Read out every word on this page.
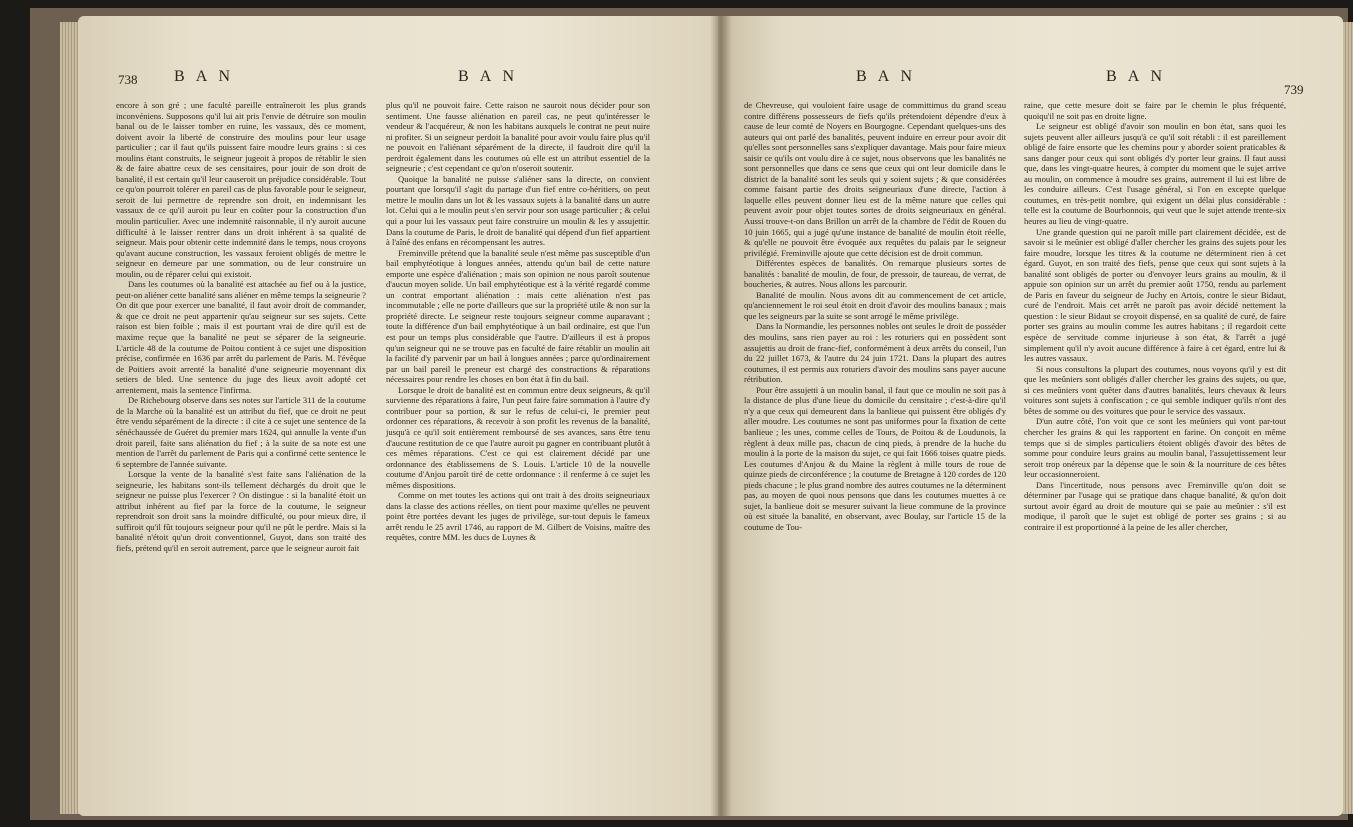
738 B A N	B A N

encore à son gré ; une faculté pareille entraîneroit les plus grands inconvéniens. Supposons qu'il lui ait pris l'envie de détruire son moulin banal ou de le laisser tomber en ruine, les vassaux, dès ce moment, doivent avoir la liberté de construire des moulins pour leur usage particulier ; car il faut qu'ils puissent faire moudre leurs grains : si ces moulins étant construits, le seigneur jugeoit à propos de rétablir le sien & de faire abattre ceux de ses censitaires, pour jouir de son droit de banalité, il est certain qu'il leur causeroit un préjudice considérable. Tout ce qu'on pourroit tolérer en pareil cas de plus favorable pour le seigneur, seroit de lui permettre de reprendre son droit, en indemnisant les vassaux de ce qu'il auroit pu leur en coûter pour la construction d'un moulin particulier. Avec une indemnité raisonnable, il n'y auroit aucune difficulté à le laisser rentrer dans un droit inhérent à sa qualité de seigneur. Mais pour obtenir cette indemnité dans le temps, nous croyons qu'avant aucune construction, les vassaux feroient obligés de mettre le seigneur en demeure par une sommation, ou de leur construire un moulin, ou de réparer celui qui existoit.

Dans les coutumes où la banalité est attachée au fief ou à la justice, peut-on aliéner cette banalité sans aliéner en même temps la seigneurie ? On dit que pour exercer une banalité, il faut avoir droit de commander, & que ce droit ne peut appartenir qu'au seigneur sur ses sujets. Cette raison est bien foible ; mais il est pourtant vrai de dire qu'il est de maxime reçue que la banalité ne peut se séparer de la seigneurie. L'article 48 de la coutume de Poitou contient à ce sujet une disposition précise, confirmée en 1636 par arrêt du parlement de Paris. M. l'évêque de Poitiers avoit arrenté la banalité d'une seigneurie moyennant dix setiers de bled. Une sentence du juge des lieux avoit adopté cet arrentement, mais la sentence l'infirma.

De Richebourg observe dans ses notes sur l'article 311 de la coutume de la Marche où la banalité est un attribut du fief, que ce droit ne peut être vendu séparément de la directe : il cite à ce sujet une sentence de la sénéchaussée de Guéret du premier mars 1624, qui annulle la vente d'un droit pareil, faite sans aliénation du fief ; à la suite de sa note est une mention de l'arrêt du parlement de Paris qui a confirmé cette sentence le 6 septembre de l'année suivante.

Lorsque la vente de la banalité s'est faite sans l'aliénation de la seigneurie, les habitans sont-ils tellement déchargés du droit que le seigneur ne puisse plus l'exercer ? On distingue : si la banalité étoit un attribut inhérent au fief par la force de la coutume, le seigneur reprendroit son droit sans la moindre difficulté, ou pour mieux dire, il suffiroit qu'il fût toujours seigneur pour qu'il ne pût le perdre. Mais si la banalité n'étoit qu'un droit conventionnel, Guyot, dans son traité des fiefs, prétend qu'il en seroit autrement, parce que le seigneur auroit fait

plus qu'il ne pouvoit faire. Cette raison ne sauroit nous décider pour son sentiment. Une fausse aliénation en pareil cas, ne peut qu'intéresser le vendeur & l'acquéreur, & non les habitans auxquels le contrat ne peut nuire ni profiter. Si un seigneur perdoit la banalité pour avoir voulu faire plus qu'il ne pouvoit en l'aliénant séparément de la directe, il faudroit dire qu'il la perdroit également dans les coutumes où elle est un attribut essentiel de la seigneurie ; c'est cependant ce qu'on n'oseroit soutenir.

Quoique la banalité ne puisse s'aliéner sans la directe, on convient pourtant que lorsqu'il s'agit du partage d'un fief entre co-héritiers, on peut mettre le moulin dans un lot & les vassaux sujets à la banalité dans un autre lot. Celui qui a le moulin peut s'en servir pour son usage particulier ; & celui qui a pour lui les vassaux peut faire construire un moulin & les y assujettir. Dans la coutume de Paris, le droit de banalité qui dépend d'un fief appartient à l'aîné des enfans en récompensant les autres.

Freminville prétend que la banalité seule n'est même pas susceptible d'un bail emphytéotique à longues années, attendu qu'un bail de cette nature emporte une espèce d'aliénation ; mais son opinion ne nous paroît soutenue d'aucun moyen solide. Un bail emphytéotique est à la vérité regardé comme un contrat emportant aliénation : mais cette aliénation n'est pas incommutable ; elle ne porte d'ailleurs que sur la propriété utile & non sur la propriété directe. Le seigneur reste toujours seigneur comme auparavant ; toute la différence d'un bail emphytéotique à un bail ordinaire, est que l'un est pour un temps plus considérable que l'autre. D'ailleurs il est à propos qu'un seigneur qui ne se trouve pas en faculté de faire rétablir un moulin ait la facilité d'y parvenir par un bail à longues années ; parce qu'ordinairement par un bail pareil le preneur est chargé des constructions & réparations nécessaires pour rendre les choses en bon état à fin du bail.

Lorsque le droit de banalité est en commun entre deux seigneurs, & qu'il survienne des réparations à faire, l'un peut faire faire sommation à l'autre d'y contribuer pour sa portion, & sur le refus de celui-ci, le premier peut ordonner ces réparations, & recevoir à son profit les revenus de la banalité, jusqu'à ce qu'il soit entièrement remboursé de ses avances, sans être tenu d'aucune restitution de ce que l'autre auroit pu gagner en contribuant plutôt à ces mêmes réparations. C'est ce qui est clairement décidé par une ordonnance des établissemens de S. Louis. L'article 10 de la nouvelle coutume d'Anjou paroît tiré de cette ordonnance : il renferme à ce sujet les mêmes dispositions.

Comme on met toutes les actions qui ont trait à des droits seigneuriaux dans la classe des actions réelles, on tient pour maxime qu'elles ne peuvent point être portées devant les juges de privilège, sur-tout depuis le fameux arrêt rendu le 25 avril 1746, au rapport de M. Gilbert de Voisins, maître des requêtes, contre MM. les ducs de Luynes &

B A N	B A N
739

de Chevreuse, qui vouloient faire usage de committimus du grand sceau contre différens possesseurs de fiefs qu'ils prétendoient dépendre d'eux à cause de leur comté de Noyers en Bourgogne. Cependant quelques-uns des auteurs qui ont parlé des banalités, peuvent induire en erreur pour avoir dit qu'elles sont personnelles sans s'expliquer davantage. Mais pour faire mieux saisir ce qu'ils ont voulu dire à ce sujet, nous observons que les banalités ne sont personnelles que dans ce sens que ceux qui ont leur domicile dans le district de la banalité sont les seuls qui y soient sujets ; & que considérées comme faisant partie des droits seigneuriaux d'une directe, l'action à laquelle elles peuvent donner lieu est de la même nature que celles qui peuvent avoir pour objet toutes sortes de droits seigneuriaux en général. Aussi trouve-t-on dans Brillon un arrêt de la chambre de l'édit de Rouen du 10 juin 1665, qui a jugé qu'une instance de banalité de moulin étoit réelle, & qu'elle ne pouvoit être évoquée aux requêtes du palais par le seigneur privilégié. Freminville ajoute que cette décision est de droit commun.

Différentes espèces de banalités. On remarque plusieurs sortes de banalités : banalité de moulin, de four, de pressoir, de taureau, de verrat, de boucheries, & autres. Nous allons les parcourir.

Banalité de moulin. Nous avons dit au commencement de cet article, qu'anciennement le roi seul étoit en droit d'avoir des moulins banaux ; mais que les seigneurs par la suite se sont arrogé le même privilège.

Dans la Normandie, les personnes nobles ont seules le droit de posséder des moulins, sans rien payer au roi : les roturiers qui en possèdent sont assujettis au droit de franc-fief, conformément à deux arrêts du conseil, l'un du 22 juillet 1673, & l'autre du 24 juin 1721. Dans la plupart des autres coutumes, il est permis aux roturiers d'avoir des moulins sans payer aucune rétribution.

Pour être assujetti à un moulin banal, il faut que ce moulin ne soit pas à la distance de plus d'une lieue du domicile du censitaire ; c'est-à-dire qu'il n'y a que ceux qui demeurent dans la banlieue qui puissent être obligés d'y aller moudre. Les coutumes ne sont pas uniformes pour la fixation de cette banlieue ; les unes, comme celles de Tours, de Poitou & de Loudunois, la règlent à deux mille pas, chacun de cinq pieds, à prendre de la huche du moulin à la porte de la maison du sujet, ce qui fait 1666 toises quatre pieds. Les coutumes d'Anjou & du Maine la règlent à mille tours de roue de quinze pieds de circonférence ; la coutume de Bretagne à 120 cordes de 120 pieds chacune ; le plus grand nombre des autres coutumes ne la déterminent pas, au moyen de quoi nous pensons que dans les coutumes muettes à ce sujet, la banlieue doit se mesurer suivant la lieue commune de la province où est située la banalité, en observant, avec Boulay, sur l'article 15 de la coutume de Tou-

raine, que cette mesure doit se faire par le chemin le plus fréquenté, quoiqu'il ne soit pas en droite ligne.

Le seigneur est obligé d'avoir son moulin en bon état, sans quoi les sujets peuvent aller ailleurs jusqu'à ce qu'il soit rétabli : il est pareillement obligé de faire ensorte que les chemins pour y aborder soient praticables & sans danger pour ceux qui sont obligés d'y porter leur grains. Il faut aussi que, dans les vingt-quatre heures, à compter du moment que le sujet arrive au moulin, on commence à moudre ses grains, autrement il lui est libre de les conduire ailleurs. C'est l'usage général, si l'on en excepte quelque coutumes, en très-petit nombre, qui exigent un délai plus considérable : telle est la coutume de Bourbonnois, qui veut que le sujet attende trente-six heures au lieu de vingt-quatre.

Une grande question qui ne paroît mille part clairement décidée, est de savoir si le meûnier est obligé d'aller chercher les grains des sujets pour les faire moudre, lorsque les titres & la coutume ne déterminent rien à cet égard. Guyot, en son traité des fiefs, pense que ceux qui sont sujets à la banalité sont obligés de porter ou d'envoyer leurs grains au moulin, & il appuie son opinion sur un arrêt du premier août 1750, rendu au parlement de Paris en faveur du seigneur de Juchy en Artois, contre le sieur Bidaut, curé de l'endroit. Mais cet arrêt ne paroît pas avoir décidé nettement la question : le sieur Bidaut se croyoit dispensé, en sa qualité de curé, de faire porter ses grains au moulin comme les autres habitans ; il regardoit cette espèce de servitude comme injurieuse à son état, & l'arrêt a jugé simplement qu'il n'y avoit aucune différence à faire à cet égard, entre lui & les autres vassaux.

Si nous consultons la plupart des coutumes, nous voyons qu'il y est dit que les meûniers sont obligés d'aller chercher les grains des sujets, ou que, si ces meûniers vont quêter dans d'autres banalités, leurs chevaux & leurs voitures sont sujets à confiscation ; ce qui semble indiquer qu'ils n'ont des bêtes de somme ou des voitures que pour le service des vassaux.

D'un autre côté, l'on voit que ce sont les meûniers qui vont par-tout chercher les grains & qui les rapportent en farine. On conçoit en même temps que si de simples particuliers étoient obligés d'avoir des bêtes de somme pour conduire leurs grains au moulin banal, l'assujettissement leur seroit trop onéreux par la dépense que le soin & la nourriture de ces bêtes leur occasionneroient.

Dans l'incertitude, nous pensons avec Freminville qu'on doit se déterminer par l'usage qui se pratique dans chaque banalité, & qu'on doit surtout avoir égard au droit de mouture qui se paie au meûnier : s'il est modique, il paroît que le sujet est obligé de porter ses grains ; si au contraire il est proportionné à la peine de les aller chercher,
